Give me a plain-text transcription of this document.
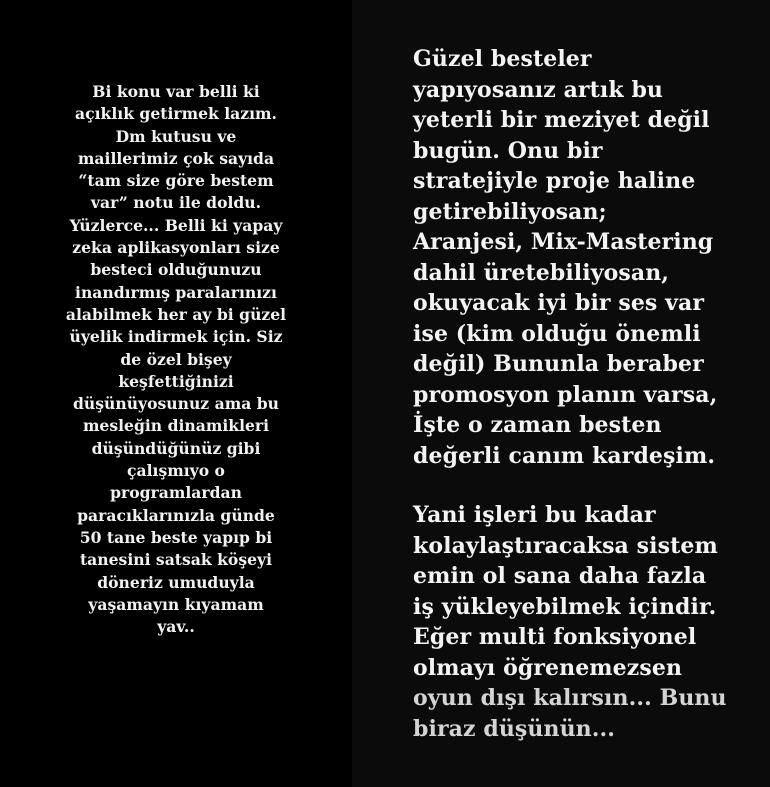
Bi konu var belli ki
açıklık getirmek lazım.
Dm kutusu ve
maillerimiz çok sayıda
“tam size göre bestem
var” notu ile doldu.
Yüzlerce... Belli ki yapay
zeka aplikasyonları size
besteci olduğunuzu
inandırmış paralarınızı
alabilmek her ay bi güzel
üyelik indirmek için. Siz
de özel bişey
keşfettiğinizi
düşünüyosunuz ama bu
mesleğin dinamikleri
düşündüğünüz gibi
çalışmıyo o
programlardan
paracıklarınızla günde
50 tane beste yapıp bi
tanesini satsak köşeyi
döneriz umuduyla
yaşamayın kıyamam
yav..
Güzel besteler
yapıyosanız artık bu
yeterli bir meziyet değil
bugün. Onu bir
stratejiyle proje haline
getirebiliyosan;
Aranjesi, Mix-Mastering
dahil üretebiliyosan,
okuyacak iyi bir ses var
ise (kim olduğu önemli
değil) Bununla beraber
promosyon planın varsa,
İşte o zaman besten
değerli canım kardeşim.
Yani işleri bu kadar
kolaylaştıracaksa sistem
emin ol sana daha fazla
iş yükleyebilmek içindir.
Eğer multi fonksiyonel
olmayı öğrenemezsen
oyun dışı kalırsın... Bunu
biraz düşünün...
